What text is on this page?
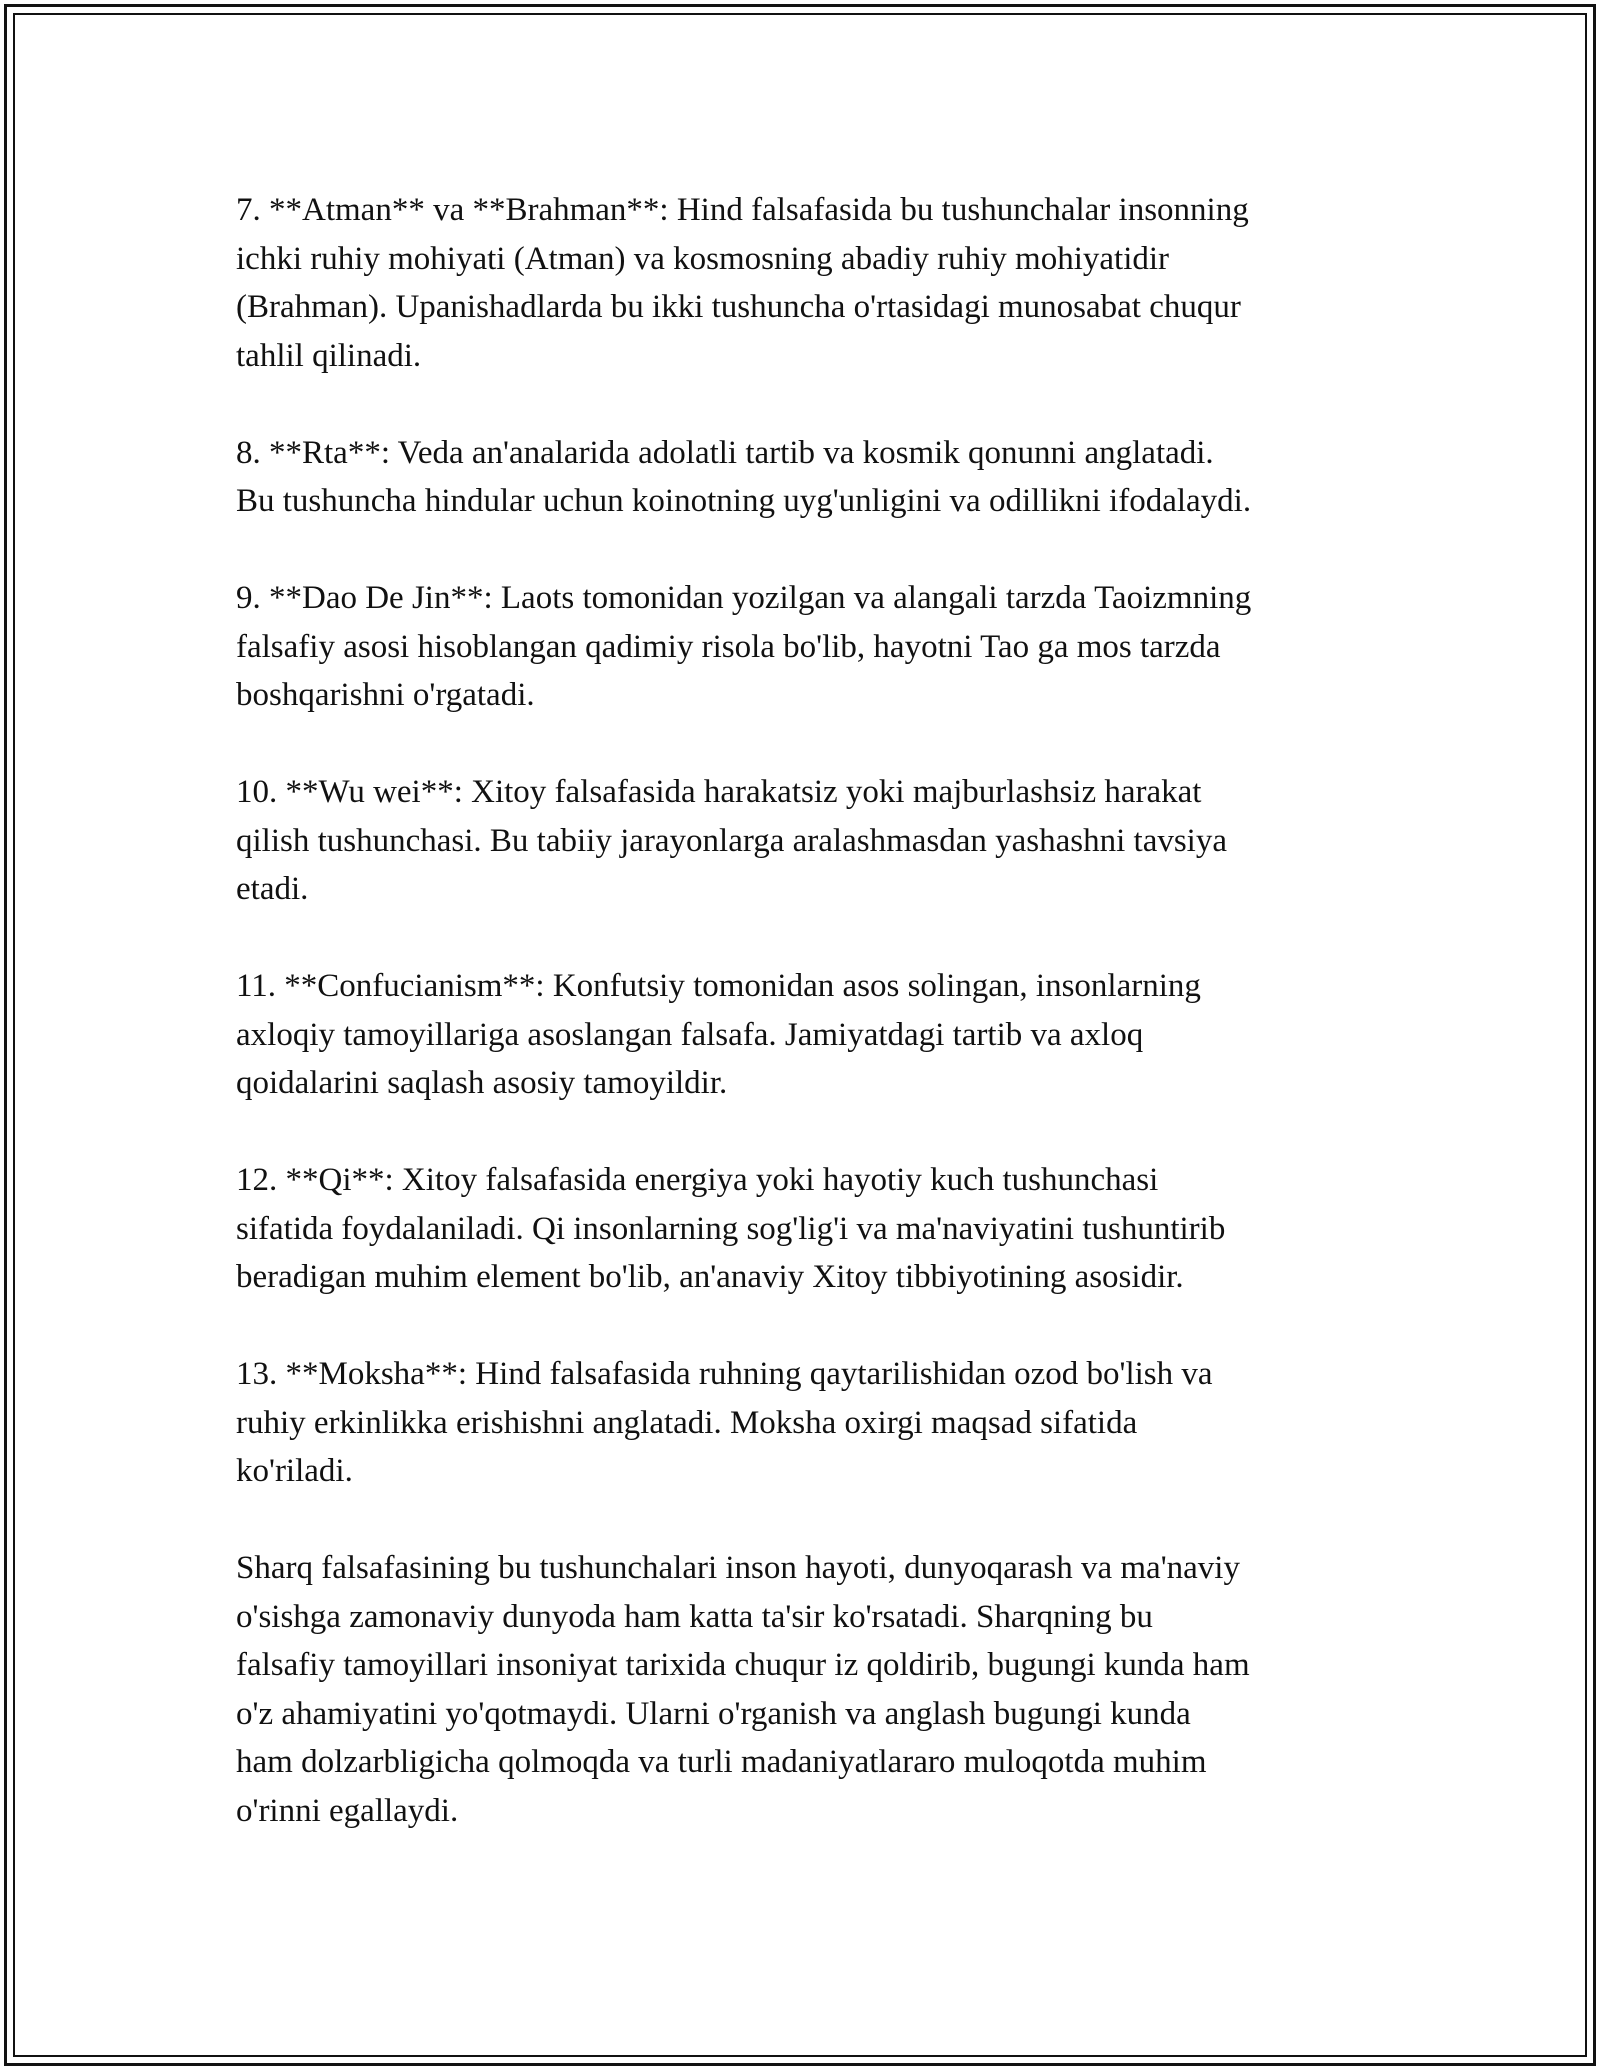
7. **Atman** va **Brahman**: Hind falsafasida bu tushunchalar insonning
ichki ruhiy mohiyati (Atman) va kosmosning abadiy ruhiy mohiyatidir
(Brahman). Upanishadlarda bu ikki tushuncha o'rtasidagi munosabat chuqur
tahlil qilinadi.

8. **Rta**: Veda an'analarida adolatli tartib va kosmik qonunni anglatadi.
Bu tushuncha hindular uchun koinotning uyg'unligini va odillikni ifodalaydi.

9. **Dao De Jin**: Laots tomonidan yozilgan va alangali tarzda Taoizmning
falsafiy asosi hisoblangan qadimiy risola bo'lib, hayotni Tao ga mos tarzda
boshqarishni o'rgatadi.

10. **Wu wei**: Xitoy falsafasida harakatsiz yoki majburlashsiz harakat
qilish tushunchasi. Bu tabiiy jarayonlarga aralashmasdan yashashni tavsiya
etadi.

11. **Confucianism**: Konfutsiy tomonidan asos solingan, insonlarning
axloqiy tamoyillariga asoslangan falsafa. Jamiyatdagi tartib va axloq
qoidalarini saqlash asosiy tamoyildir.

12. **Qi**: Xitoy falsafasida energiya yoki hayotiy kuch tushunchasi
sifatida foydalaniladi. Qi insonlarning sog'lig'i va ma'naviyatini tushuntirib
beradigan muhim element bo'lib, an'anaviy Xitoy tibbiyotining asosidir.

13. **Moksha**: Hind falsafasida ruhning qaytarilishidan ozod bo'lish va
ruhiy erkinlikka erishishni anglatadi. Moksha oxirgi maqsad sifatida
ko'riladi.

Sharq falsafasining bu tushunchalari inson hayoti, dunyoqarash va ma'naviy
o'sishga zamonaviy dunyoda ham katta ta'sir ko'rsatadi. Sharqning bu
falsafiy tamoyillari insoniyat tarixida chuqur iz qoldirib, bugungi kunda ham
o'z ahamiyatini yo'qotmaydi. Ularni o'rganish va anglash bugungi kunda
ham dolzarbligicha qolmoqda va turli madaniyatlararo muloqotda muhim
o'rinni egallaydi.
